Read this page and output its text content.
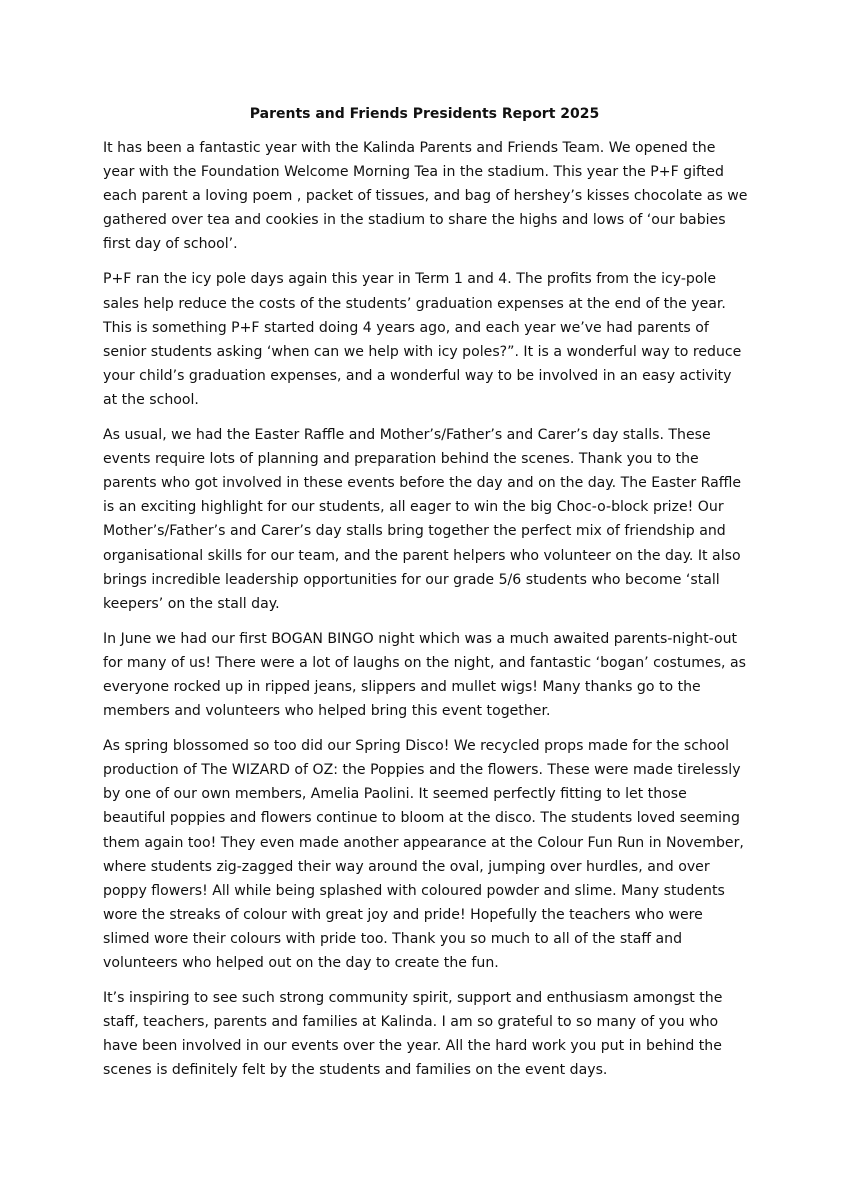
Parents and Friends Presidents Report 2025

It has been a fantastic year with the Kalinda Parents and Friends Team. We opened the year with the Foundation Welcome Morning Tea in the stadium. This year the P+F gifted each parent a loving poem , packet of tissues, and bag of hershey’s kisses chocolate as we gathered over tea and cookies in the stadium to share the highs and lows of ‘our babies first day of school’.

P+F ran the icy pole days again this year in Term 1 and 4. The profits from the icy-pole sales help reduce the costs of the students’ graduation expenses at the end of the year. This is something P+F started doing 4 years ago, and each year we’ve had parents of senior students asking ‘when can we help with icy poles?”. It is a wonderful way to reduce your child’s graduation expenses, and a wonderful way to be involved in an easy activity at the school.

As usual, we had the Easter Raffle and Mother’s/Father’s and Carer’s day stalls. These events require lots of planning and preparation behind the scenes. Thank you to the parents who got involved in these events before the day and on the day. The Easter Raffle is an exciting highlight for our students, all eager to win the big Choc-o-block prize! Our Mother’s/Father’s and Carer’s day stalls bring together the perfect mix of friendship and organisational skills for our team, and the parent helpers who volunteer on the day. It also brings incredible leadership opportunities for our grade 5/6 students who become ‘stall keepers’ on the stall day.

In June we had our first BOGAN BINGO night which was a much awaited parents-night-out for many of us! There were a lot of laughs on the night, and fantastic ‘bogan’ costumes, as everyone rocked up in ripped jeans, slippers and mullet wigs! Many thanks go to the members and volunteers who helped bring this event together.

As spring blossomed so too did our Spring Disco! We recycled props made for the school production of The WIZARD of OZ: the Poppies and the flowers. These were made tirelessly by one of our own members, Amelia Paolini. It seemed perfectly fitting to let those beautiful poppies and flowers continue to bloom at the disco. The students loved seeming them again too! They even made another appearance at the Colour Fun Run in November, where students zig-zagged their way around the oval, jumping over hurdles, and over poppy flowers! All while being splashed with coloured powder and slime. Many students wore the streaks of colour with great joy and pride! Hopefully the teachers who were slimed wore their colours with pride too. Thank you so much to all of the staff and volunteers who helped out on the day to create the fun.

It’s inspiring to see such strong community spirit, support and enthusiasm amongst the staff, teachers, parents and families at Kalinda. I am so grateful to so many of you who have been involved in our events over the year. All the hard work you put in behind the scenes is definitely felt by the students and families on the event days.
